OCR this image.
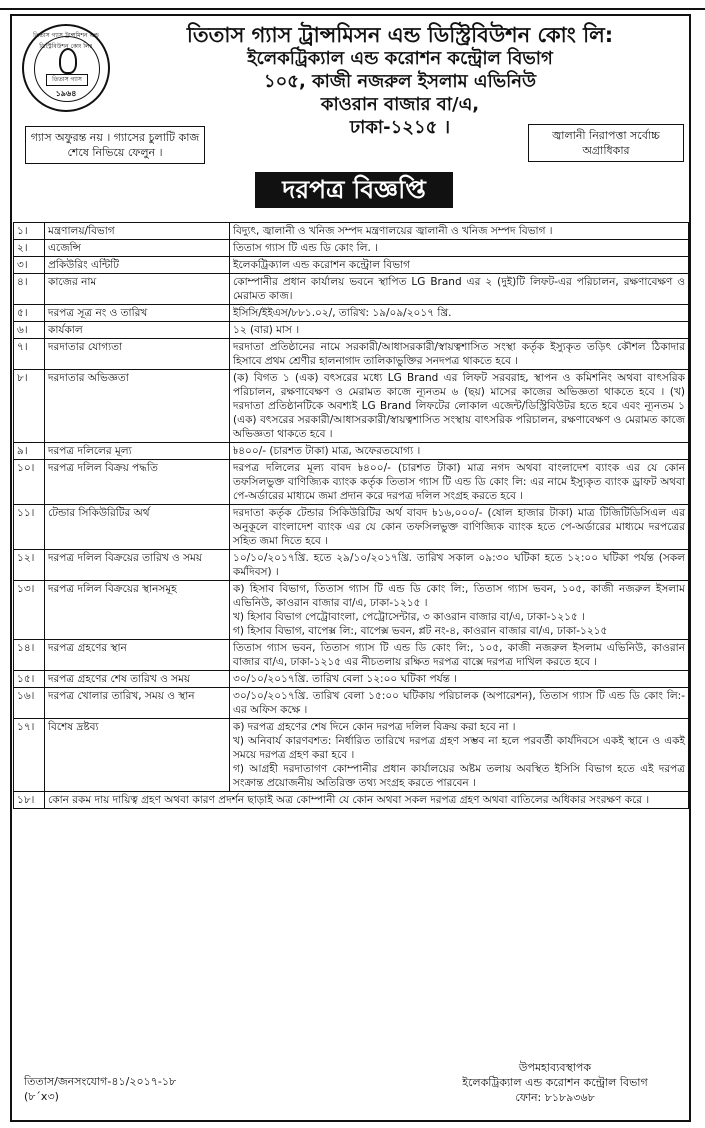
তিতাস গ্যাস ট্রান্সমিশন এন্ড ডিস্ট্রিবিউশন কোং লিঃ
তিতাস গ্যাস
১৯৬৪
তিতাস গ্যাস ট্রান্সমিসন এন্ড ডিস্ট্রিবিউশন কোং লি:
ইলেকট্রিক্যাল এন্ড করোশন কন্ট্রোল বিভাগ
১০৫, কাজী নজরুল ইসলাম এভিনিউ
কাওরান বাজার বা/এ,
ঢাকা-১২১৫ ।
গ্যাস অফুরন্ত নয় । গ্যাসের চুলাটি কাজ শেষে নিভিয়ে ফেলুন ।
জ্বালানী নিরাপত্তা সর্বোচ্চ অগ্রাধিকার
দরপত্র বিজ্ঞপ্তি
১।	মন্ত্রণালয়/বিভাগ	বিদ্যুৎ, জ্বালানী ও খনিজ সম্পদ মন্ত্রণালয়ের জ্বালানী ও খনিজ সম্পদ বিভাগ ।

২।	এজেন্সি	তিতাস গ্যাস টি এন্ড ডি কোং লি. ।

৩।	প্রকিউরিং এন্টিটি	ইলেকট্রিক্যাল এন্ড করোশন কন্ট্রোল বিভাগ

৪।	কাজের নাম	কোম্পানীর প্রধান কার্যালয় ভবনে স্থাপিত LG Brand এর ২ (দুই)টি লিফট-এর পরিচালন, রক্ষণাবেক্ষণ ও মেরামত কাজ।

৫।	দরপত্র সূত্র নং ও তারিখ	ইসিসি/ইইএস/৮৮১.০২/, তারিখ: ১৯/০৯/২০১৭ খ্রি.

৬।	কার্যকাল	১২ (বার) মাস ।

৭।	দরদাতার যোগ্যতা	দরদাতা প্রতিষ্ঠানের নামে সরকারী/আধাসরকারী/স্বায়ত্বশাসিত সংস্থা কর্তৃক ইস্যুকৃত তড়িৎ কৌশল ঠিকাদার হিসাবে প্রথম শ্রেণীর হালনাগাদ তালিকাভুক্তির সনদপত্র থাকতে হবে ।

৮।	দরদাতার অভিজ্ঞতা	(ক) বিগত ১ (এক) বৎসরের মধ্যে LG Brand এর লিফট সরবরাহ, স্থাপন ও কমিশনিং অথবা বাৎসরিক পরিচালন, রক্ষণাবেক্ষণ ও মেরামত কাজে ন্যূনতম ৬ (ছয়) মাসের কাজের অভিজ্ঞতা থাকতে হবে । (খ) দরদাতা প্রতিষ্ঠানটিকে অবশ্যই LG Brand লিফটের লোকাল এজেন্ট/ডিস্ট্রিবিউটর হতে হবে এবং ন্যূনতম ১ (এক) বৎসরের সরকারী/আধাসরকারী/স্বায়ত্বশাসিত সংস্থায় বাৎসরিক পরিচালন, রক্ষণাবেক্ষণ ও মেরামত কাজে অভিজ্ঞতা থাকতে হবে ।

৯।	দরপত্র দলিলের মূল্য	৳৪০০/- (চারশত টাকা) মাত্র, অফেরতযোগ্য ।

১০।	দরপত্র দলিল বিক্রয় পদ্ধতি	দরপত্র দলিলের মূল্য বাবদ ৳৪০০/- (চারশত টাকা) মাত্র নগদ অথবা বাংলাদেশ ব্যাংক এর যে কোন তফসিলভুক্ত বাণিজ্যিক ব্যাংক কর্তৃক তিতাস গ্যাস টি এন্ড ডি কোং লি: এর নামে ইস্যুকৃত ব্যাংক ড্রাফট অথবা পে-অর্ডারের মাধ্যমে জমা প্রদান করে দরপত্র দলিল সংগ্রহ করতে হবে ।

১১।	টেন্ডার সিকিউরিটির অর্থ	দরদাতা কর্তৃক টেন্ডার সিকিউরিটির অর্থ বাবদ ৳১৬,০০০/- (ষোল হাজার টাকা) মাত্র টিজিটিডিসিএল এর অনুকূলে বাংলাদেশ ব্যাংক এর যে কোন তফসিলভুক্ত বাণিজ্যিক ব্যাংক হতে পে-অর্ডারের মাধ্যমে দরপত্রের সহিত জমা দিতে হবে ।

১২।	দরপত্র দলিল বিক্রয়ের তারিখ ও সময়	১০/১০/২০১৭খ্রি. হতে ২৯/১০/২০১৭খ্রি. তারিখ সকাল ০৯:৩০ ঘটিকা হতে ১২:০০ ঘটিকা পর্যন্ত (সকল কর্মদিবস) ।

১৩।	দরপত্র দলিল বিক্রয়ের স্থানসমূহ	ক) হিসাব বিভাগ, তিতাস গ্যাস টি এন্ড ডি কোং লি:, তিতাস গ্যাস ভবন, ১০৫, কাজী নজরুল ইসলাম এভিনিউ, কাওরান বাজার বা/এ, ঢাকা-১২১৫ ।
খ) হিসাব বিভাগ পেট্রোবাংলা, পেট্রোসেন্টার, ৩ কাওরান বাজার বা/এ, ঢাকা-১২১৫ ।
গ) হিসাব বিভাগ, বাপেক্স লি:, বাপেক্স ভবন, প্লট নং-৪, কাওরান বাজার বা/এ, ঢাকা-১২১৫

১৪।	দরপত্র গ্রহণের স্থান	তিতাস গ্যাস ভবন, তিতাস গ্যাস টি এন্ড ডি কোং লি:, ১০৫, কাজী নজরুল ইসলাম এভিনিউ, কাওরান বাজার বা/এ, ঢাকা-১২১৫ এর নীচতলায় রক্ষিত দরপত্র বাক্সে দরপত্র দাখিল করতে হবে ।

১৫।	দরপত্র গ্রহণের শেষ তারিখ ও সময়	৩০/১০/২০১৭খ্রি. তারিখ বেলা ১২:০০ ঘটিকা পর্যন্ত ।

১৬।	দরপত্র খোলার তারিখ, সময় ও স্থান	৩০/১০/২০১৭খ্রি. তারিখ বেলা ১৫:০০ ঘটিকায় পরিচালক (অপারেশন), তিতাস গ্যাস টি এন্ড ডি কোং লি:-এর অফিস কক্ষে ।

১৭।	বিশেষ দ্রষ্টব্য	ক) দরপত্র গ্রহণের শেষ দিনে কোন দরপত্র দলিল বিক্রয় করা হবে না ।
খ) অনিবার্য কারণবশত: নির্ধারিত তারিখে দরপত্র গ্রহণ সম্ভব না হলে পরবর্তী কার্যদিবসে একই স্থানে ও একই সময়ে দরপত্র গ্রহণ করা হবে ।
গ) আগ্রহী দরদাতাগণ কোম্পানীর প্রধান কার্যালয়ের অষ্টম তলায় অবস্থিত ইসিসি বিভাগ হতে এই দরপত্র সংক্রান্ত প্রয়োজনীয় অতিরিক্ত তথ্য সংগ্রহ করতে পারবেন ।

১৮।	কোন রকম দায় দায়িত্ব গ্রহণ অথবা কারণ প্রদর্শন ছাড়াই অত্র কোম্পানী যে কোন অথবা সকল দরপত্র গ্রহণ অথবা বাতিলের অধিকার সংরক্ষণ করে ।	
তিতাস/জনসংযোগ-৪১/২০১৭-১৮
(৮´x৩)
উপমহাব্যবস্থাপক
ইলেকট্রিক্যাল এন্ড করোশন কন্ট্রোল বিভাগ
ফোন: ৮১৮৯৩৬৮
